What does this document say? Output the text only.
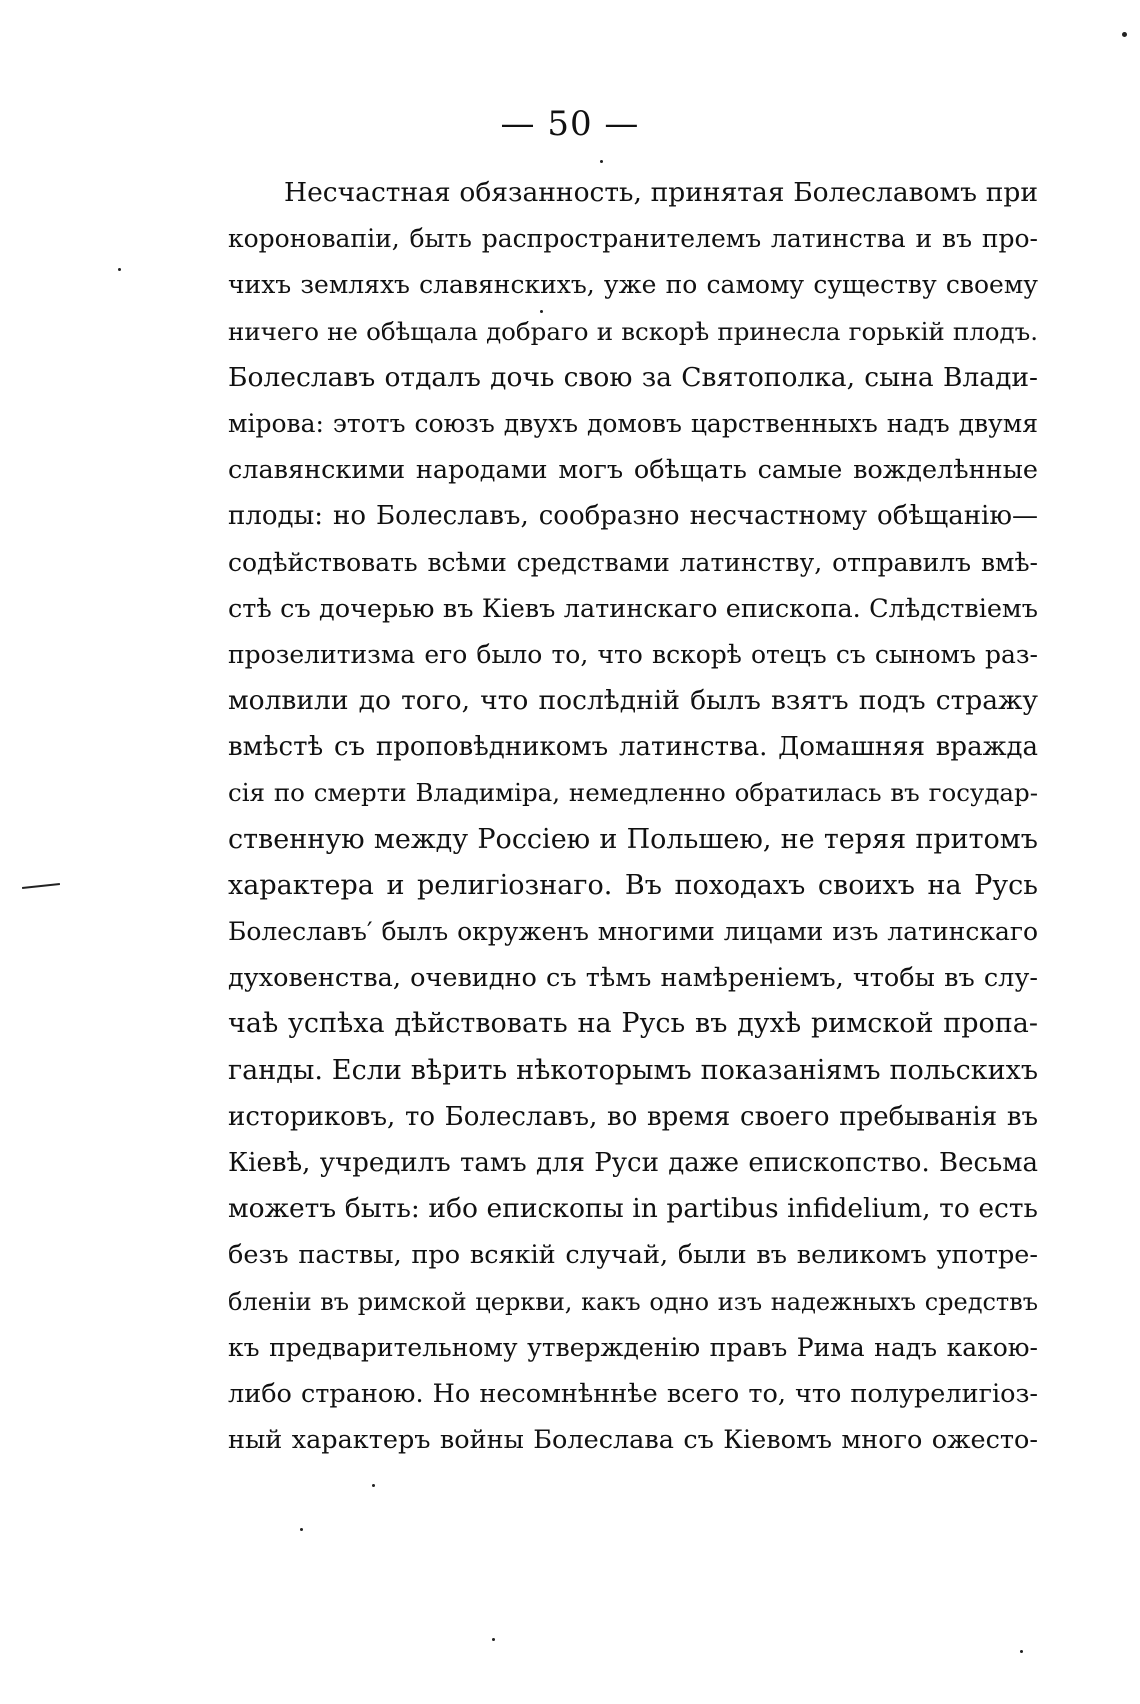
— 50 —
Несчастная обязанность, принятая Болеславомъ при
короновапіи, быть распространителемъ латинства и въ про-
чихъ земляхъ славянскихъ, уже по самому существу своему
ничего не обѣщала добраго и вскорѣ принесла горькій плодъ.
Болеславъ отдалъ дочь свою за Святополка, сына Влади-
міровa: этотъ союзъ двухъ домовъ царственныхъ надъ двумя
славянскими народами могъ обѣщать самые вожделѣнные
плоды: но Болеславъ, сообразно несчастному обѣщанію—
содѣйствовать всѣми средствами латинству, отправилъ вмѣ-
стѣ съ дочерью въ Кіевъ латинскаго епископа. Слѣдствіемъ
прозелитизма его было то, что вскорѣ отецъ съ сыномъ раз-
молвили до того, что послѣдній былъ взятъ подъ стражу
вмѣстѣ съ проповѣдникомъ латинства. Домашняя вражда
сія по смерти Владиміра, немедленно обратилась въ государ-
ственную между Россіею и Польшею, не теряя притомъ
характера и религіознаго. Въ походахъ своихъ на Русь
Болеславъ′ былъ окруженъ многими лицами изъ латинскаго
духовенства, очевидно съ тѣмъ намѣреніемъ, чтобы въ слу-
чаѣ успѣха дѣйствовать на Русь въ духѣ римской пропа-
ганды. Если вѣрить нѣкоторымъ показаніямъ польскихъ
историковъ, то Болеславъ, во время своего пребыванія въ
Кіевѣ, учредилъ тамъ для Руси даже епископство. Весьма
можетъ быть: ибо епископы in partibus infidelium, то есть
безъ паствы, про всякій случай, были въ великомъ употре-
бленіи въ римской церкви, какъ одно изъ надежныхъ средствъ
къ предварительному утвержденію правъ Рима надъ какою-
либо страною. Но несомнѣннѣе всего то, что полурелигіоз-
ный характеръ войны Болеслава съ Кіевомъ много ожесто-
